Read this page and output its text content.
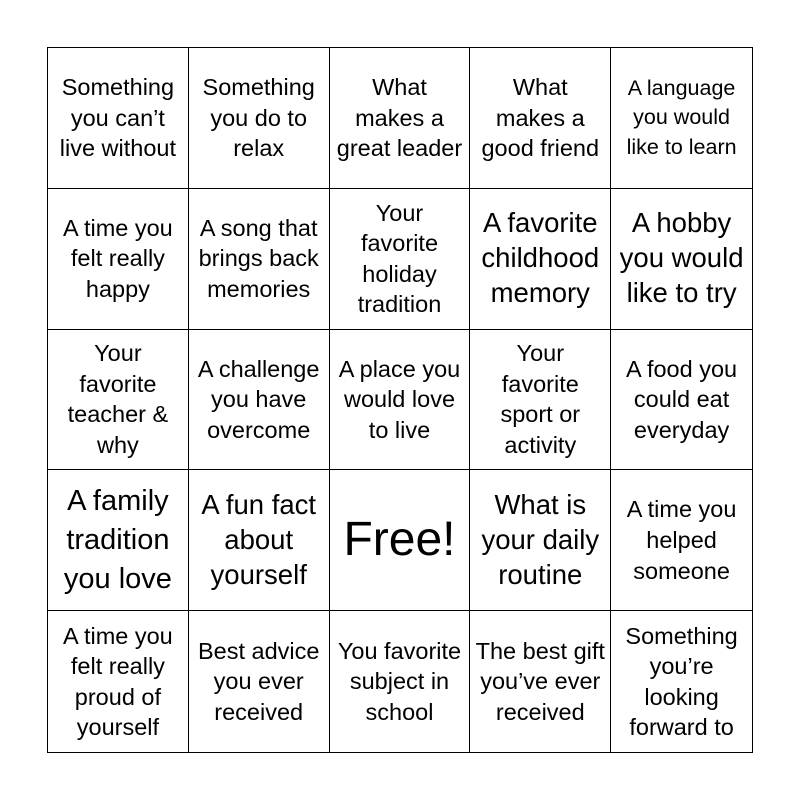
Something you can’t live without
Something you do to relax
What makes a great leader
What makes a good friend
A language you would like to learn
A time you felt really happy
A song that brings back memories
Your favorite holiday tradition
A favorite childhood memory
A hobby you would like to try
Your favorite teacher & why
A challenge you have overcome
A place you would love to live
Your favorite sport or activity
A food you could eat everyday
A family tradition you love
A fun fact about yourself
Free!
What is your daily routine
A time you helped someone
A time you felt really proud of yourself
Best advice you ever received
You favorite subject in school
The best gift you’ve ever received
Something you’re looking forward to
